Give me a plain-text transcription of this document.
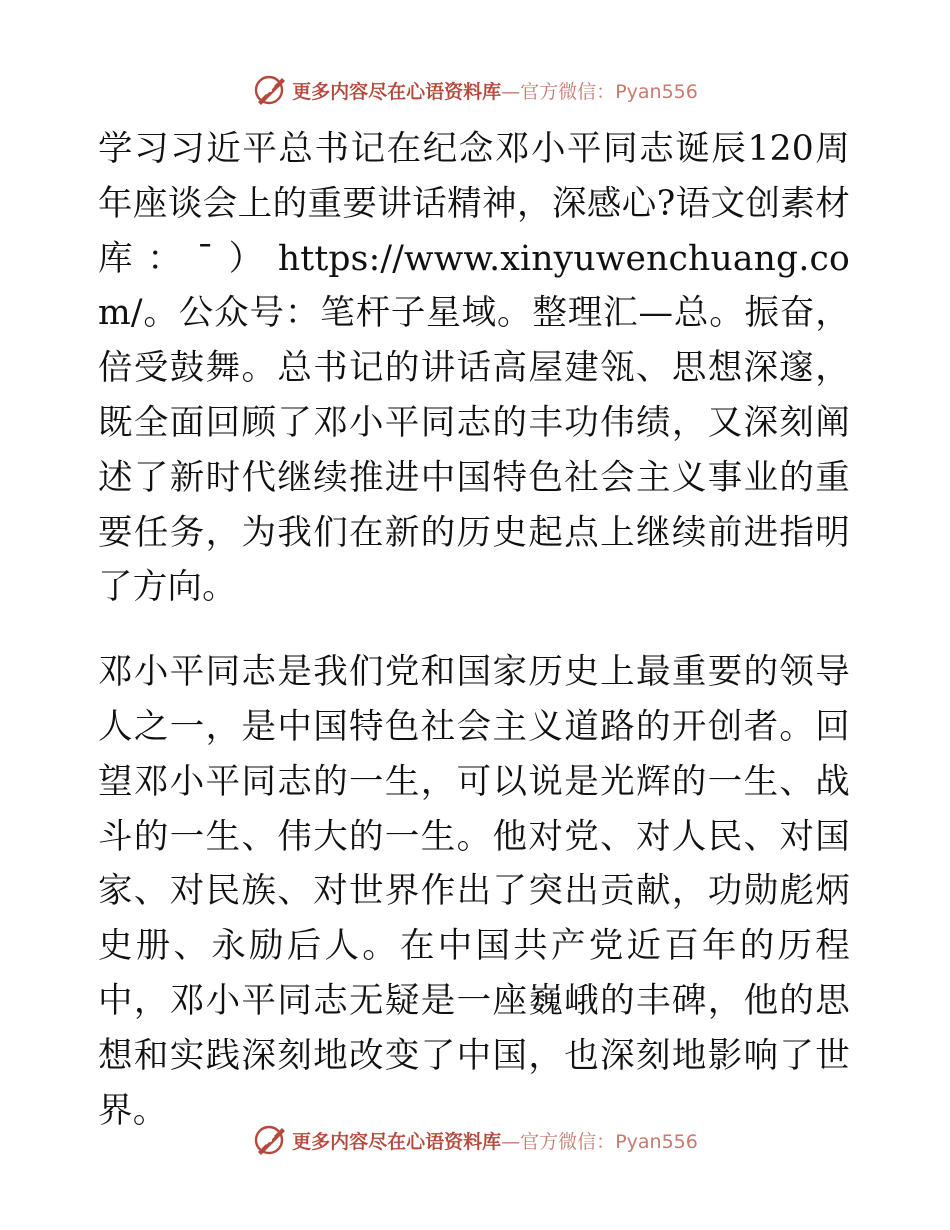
更多内容尽在心语资料库—官方微信：Pyan556

学习习近平总书记在纪念邓小平同志诞辰120周年座谈会上的重要讲话精神，深感心?语文创素材库：¯）https://www.xinyuwenchuang.com/。公众号：笔杆子星域。整理汇—总。振奋，倍受鼓舞。总书记的讲话高屋建瓴、思想深邃，既全面回顾了邓小平同志的丰功伟绩，又深刻阐述了新时代继续推进中国特色社会主义事业的重要任务，为我们在新的历史起点上继续前进指明了方向。

邓小平同志是我们党和国家历史上最重要的领导人之一，是中国特色社会主义道路的开创者。回望邓小平同志的一生，可以说是光辉的一生、战斗的一生、伟大的一生。他对党、对人民、对国家、对民族、对世界作出了突出贡献，功勋彪炳史册、永励后人。在中国共产党近百年的历程中，邓小平同志无疑是一座巍峨的丰碑，他的思想和实践深刻地改变了中国，也深刻地影响了世界。

更多内容尽在心语资料库—官方微信：Pyan556
